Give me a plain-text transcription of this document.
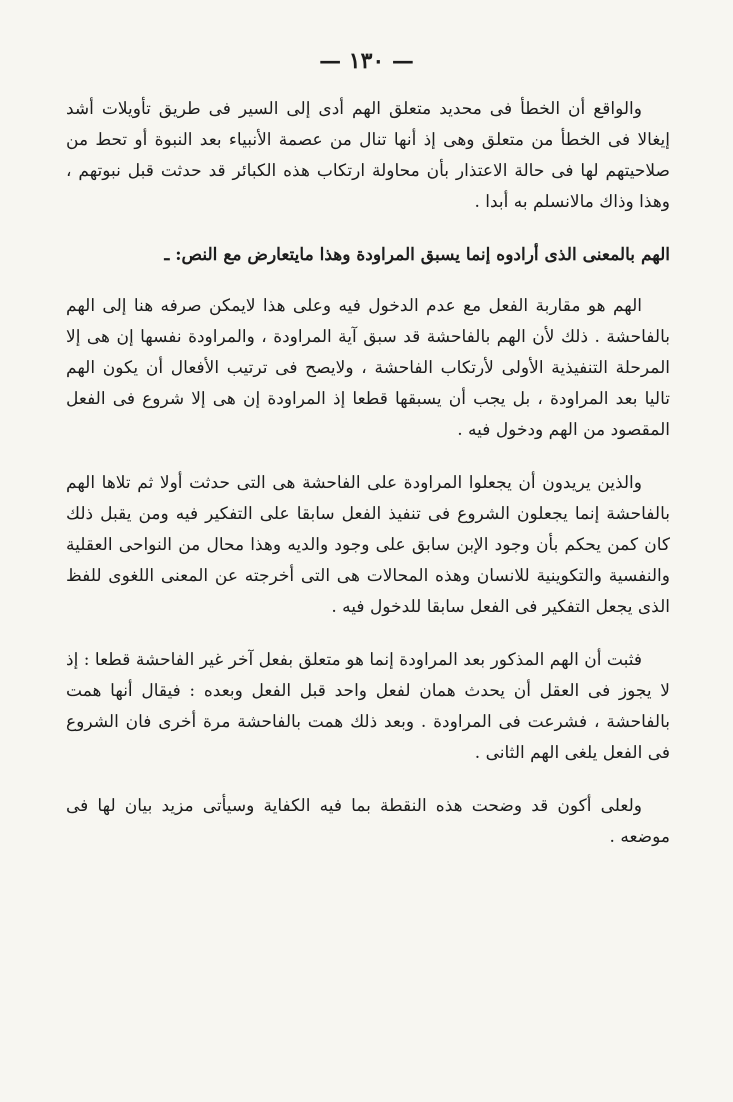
— ١٣٠ —

والواقع أن الخطأ فى محديد متعلق الهم أدى إلى السير فى طريق تأويلات أشد إيغالا فى الخطأ من متعلق وهى إذ أنها تنال من عصمة الأنبياء بعد النبوة أو تحط من صلاحيتهم لها فى حالة الاعتذار بأن محاولة ارتكاب هذه الكبائر قد حدثت قبل نبوتهم ، وهذا وذاك مالانسلم به أبدا .

الهم بالمعنى الذى أرادوه إنما يسبق المراودة وهذا مايتعارض مع النص: ـ

الهم هو مقاربة الفعل مع عدم الدخول فيه وعلى هذا لايمكن صرفه هنا إلى الهم بالفاحشة . ذلك لأن الهم بالفاحشة قد سبق آية المراودة ، والمراودة نفسها إن هى إلا المرحلة التنفيذية الأولى لأرتكاب الفاحشة ، ولايصح فى ترتيب الأفعال أن يكون الهم تاليا بعد المراودة ، بل يجب أن يسبقها قطعا إذ المراودة إن هى إلا شروع فى الفعل المقصود من الهم ودخول فيه .

والذين يريدون أن يجعلوا المراودة على الفاحشة هى التى حدثت أولا ثم تلاها الهم بالفاحشة إنما يجعلون الشروع فى تنفيذ الفعل سابقا على التفكير فيه ومن يقبل ذلك كان كمن يحكم بأن وجود الإبن سابق على وجود والديه وهذا محال من النواحى العقلية والنفسية والتكوينية للانسان وهذه المحالات هى التى أخرجته عن المعنى اللغوى للفظ الذى يجعل التفكير فى الفعل سابقا للدخول فيه .

فثبت أن الهم المذكور بعد المراودة إنما هو متعلق بفعل آخر غير الفاحشة قطعا : إذ لا يجوز فى العقل أن يحدث همان لفعل واحد قبل الفعل وبعده : فيقال أنها همت بالفاحشة ، فشرعت فى المراودة . وبعد ذلك همت بالفاحشة مرة أخرى فان الشروع فى الفعل يلغى الهم الثانى .

ولعلى أكون قد وضحت هذه النقطة بما فيه الكفاية وسيأتى مزيد بيان لها فى موضعه .
